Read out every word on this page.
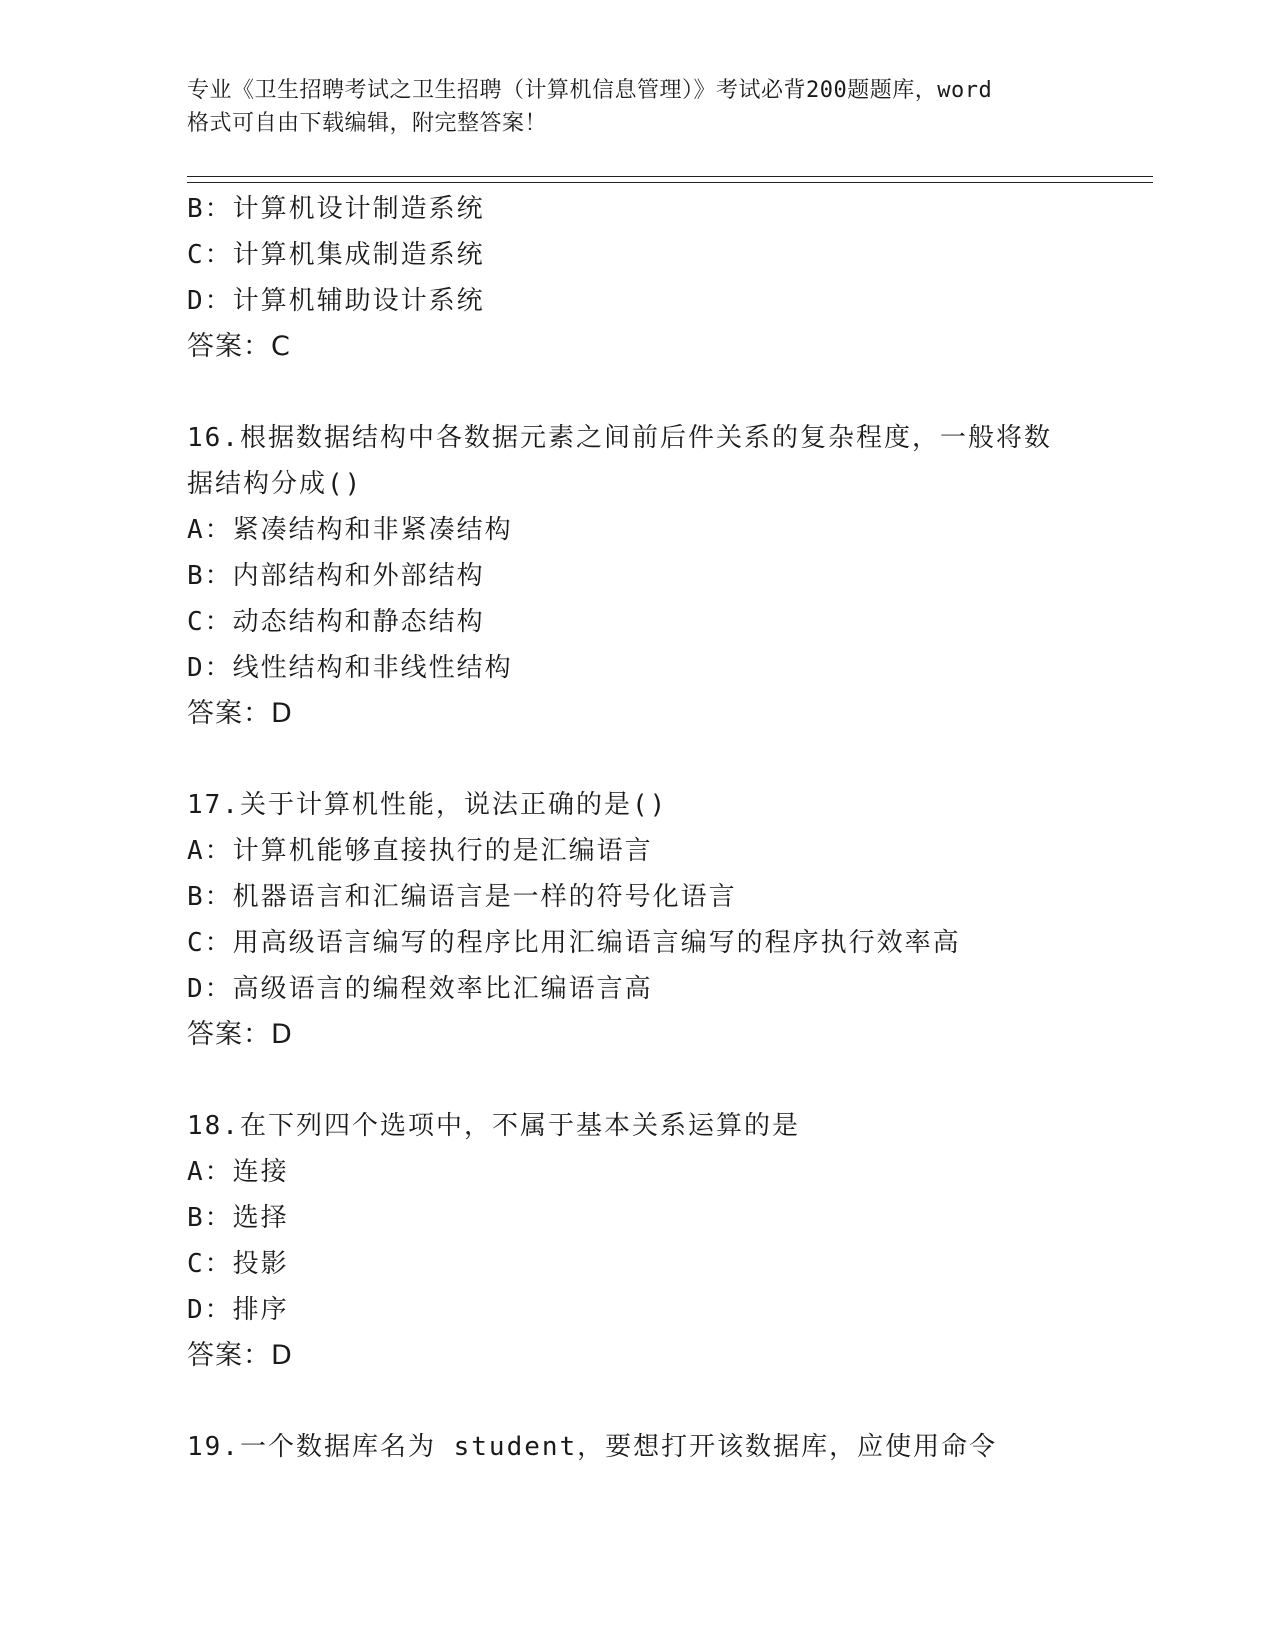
专业《卫生招聘考试之卫生招聘（计算机信息管理）》考试必背200题题库，word
格式可自由下载编辑，附完整答案！
B：计算机设计制造系统
C：计算机集成制造系统
D：计算机辅助设计系统
答案：C
16.根据数据结构中各数据元素之间前后件关系的复杂程度，一般将数
据结构分成()
A：紧凑结构和非紧凑结构
B：内部结构和外部结构
C：动态结构和静态结构
D：线性结构和非线性结构
答案：D
17.关于计算机性能，说法正确的是()
A：计算机能够直接执行的是汇编语言
B：机器语言和汇编语言是一样的符号化语言
C：用高级语言编写的程序比用汇编语言编写的程序执行效率高
D：高级语言的编程效率比汇编语言高
答案：D
18.在下列四个选项中，不属于基本关系运算的是
A：连接
B：选择
C：投影
D：排序
答案：D
19.一个数据库名为 student，要想打开该数据库，应使用命令
